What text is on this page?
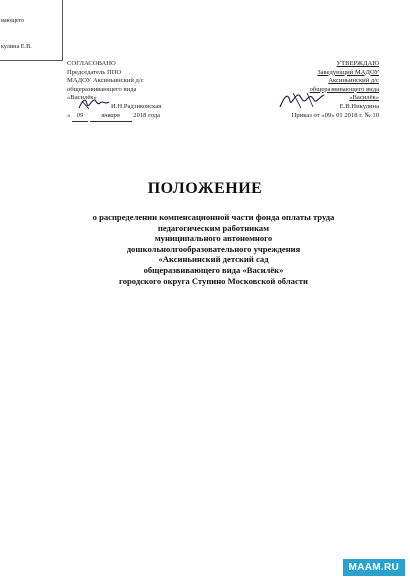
вающего
кулина Е.В.
СОГЛАСОВАНО
Председатель ППО
МАДОУ Аксиньинский д/с
общеразвивающего вида
«Василёк»
И.Н.Радзиковская
« 09	января 2018 года
УТВЕРЖДАЮ
Заведующий МАДОУ
Аксиньинский д/с
общеразвивающего вида
«Василёк»
Е.В.Никулина
Приказ от «09» 01 2018 г. № 10
ПОЛОЖЕНИЕ
о распределении компенсационной части фонда оплаты труда
педагогическим работникам
муниципального автономного
дошкольнолгообразовательного учреждения
«Аксиньинский детский сад
общеразвивающего вида «Василёк»
городского округа Ступино Московской области
MAAM.RU
